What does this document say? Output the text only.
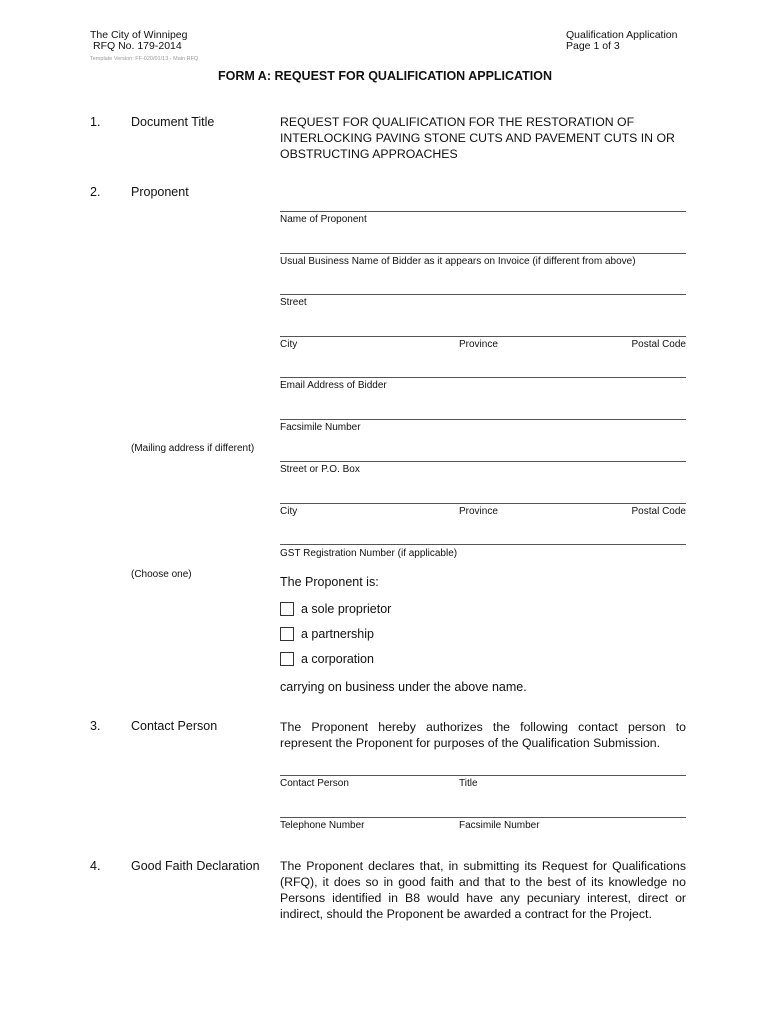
The City of Winnipeg
RFQ No. 179-2014
Template Version: FF-020/01/13 - Main RFQ
Qualification Application
Page 1 of 3
FORM A: REQUEST FOR QUALIFICATION APPLICATION
1. Document Title	REQUEST FOR QUALIFICATION FOR THE RESTORATION OF INTERLOCKING PAVING STONE CUTS AND PAVEMENT CUTS IN OR OBSTRUCTING APPROACHES
2. Proponent
Name of Proponent
Usual Business Name of Bidder as it appears on Invoice (if different from above)
Street
City	Province	Postal Code
Email Address of Bidder
Facsimile Number
(Mailing address if different)
Street or P.O. Box
City	Province	Postal Code
GST Registration Number (if applicable)
(Choose one)
The Proponent is:
a sole proprietor
a partnership
a corporation
carrying on business under the above name.
3. Contact Person	The Proponent hereby authorizes the following contact person to represent the Proponent for purposes of the Qualification Submission.
Contact Person	Title
Telephone Number	Facsimile Number
4. Good Faith Declaration The Proponent declares that, in submitting its Request for Qualifications (RFQ), it does so in good faith and that to the best of its knowledge no Persons identified in B8 would have any pecuniary interest, direct or indirect, should the Proponent be awarded a contract for the Project.
